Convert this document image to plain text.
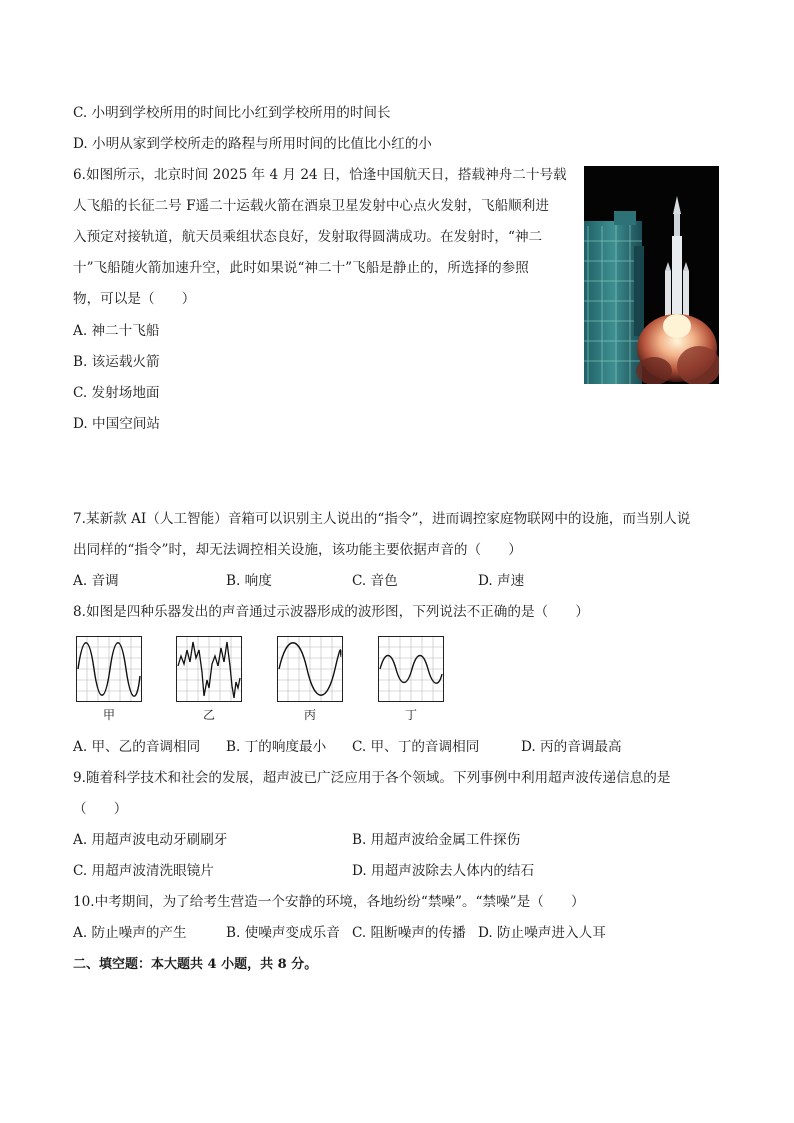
C. 小明到学校所用的时间比小红到学校所用的时间长
D. 小明从家到学校所走的路程与所用时间的比值比小红的小
6.如图所示，北京时间 2025 年 4 月 24 日，恰逢中国航天日，搭载神舟二十号载
人飞船的长征二号 F遥二十运载火箭在酒泉卫星发射中心点火发射，飞船顺利进
入预定对接轨道，航天员乘组状态良好，发射取得圆满成功。在发射时，“神二
十”飞船随火箭加速升空，此时如果说“神二十”飞船是静止的，所选择的参照
物，可以是（　　）
A. 神二十飞船
B. 该运载火箭
C. 发射场地面
D. 中国空间站
7.某新款 AI（人工智能）音箱可以识别主人说出的“指令”，进而调控家庭物联网中的设施，而当别人说
出同样的“指令”时，却无法调控相关设施，该功能主要依据声音的（　　）
A. 音调	B. 响度	C. 音色	D. 声速
8.如图是四种乐器发出的声音通过示波器形成的波形图，下列说法不正确的是（　　）
甲	乙	丙	丁
A. 甲、乙的音调相同 B. 丁的响度最小 C. 甲、丁的音调相同	D. 丙的音调最高
9.随着科学技术和社会的发展，超声波已广泛应用于各个领域。下列事例中利用超声波传递信息的是
（　　）
A. 用超声波电动牙刷刷牙	B. 用超声波给金属工件探伤
C. 用超声波清洗眼镜片	D. 用超声波除去人体内的结石
10.中考期间，为了给考生营造一个安静的环境，各地纷纷“禁噪”。“禁噪”是（　　）
A. 防止噪声的产生	B. 使噪声变成乐音 C. 阻断噪声的传播 D. 防止噪声进入人耳
二、填空题：本大题共 4 小题，共 8 分。
